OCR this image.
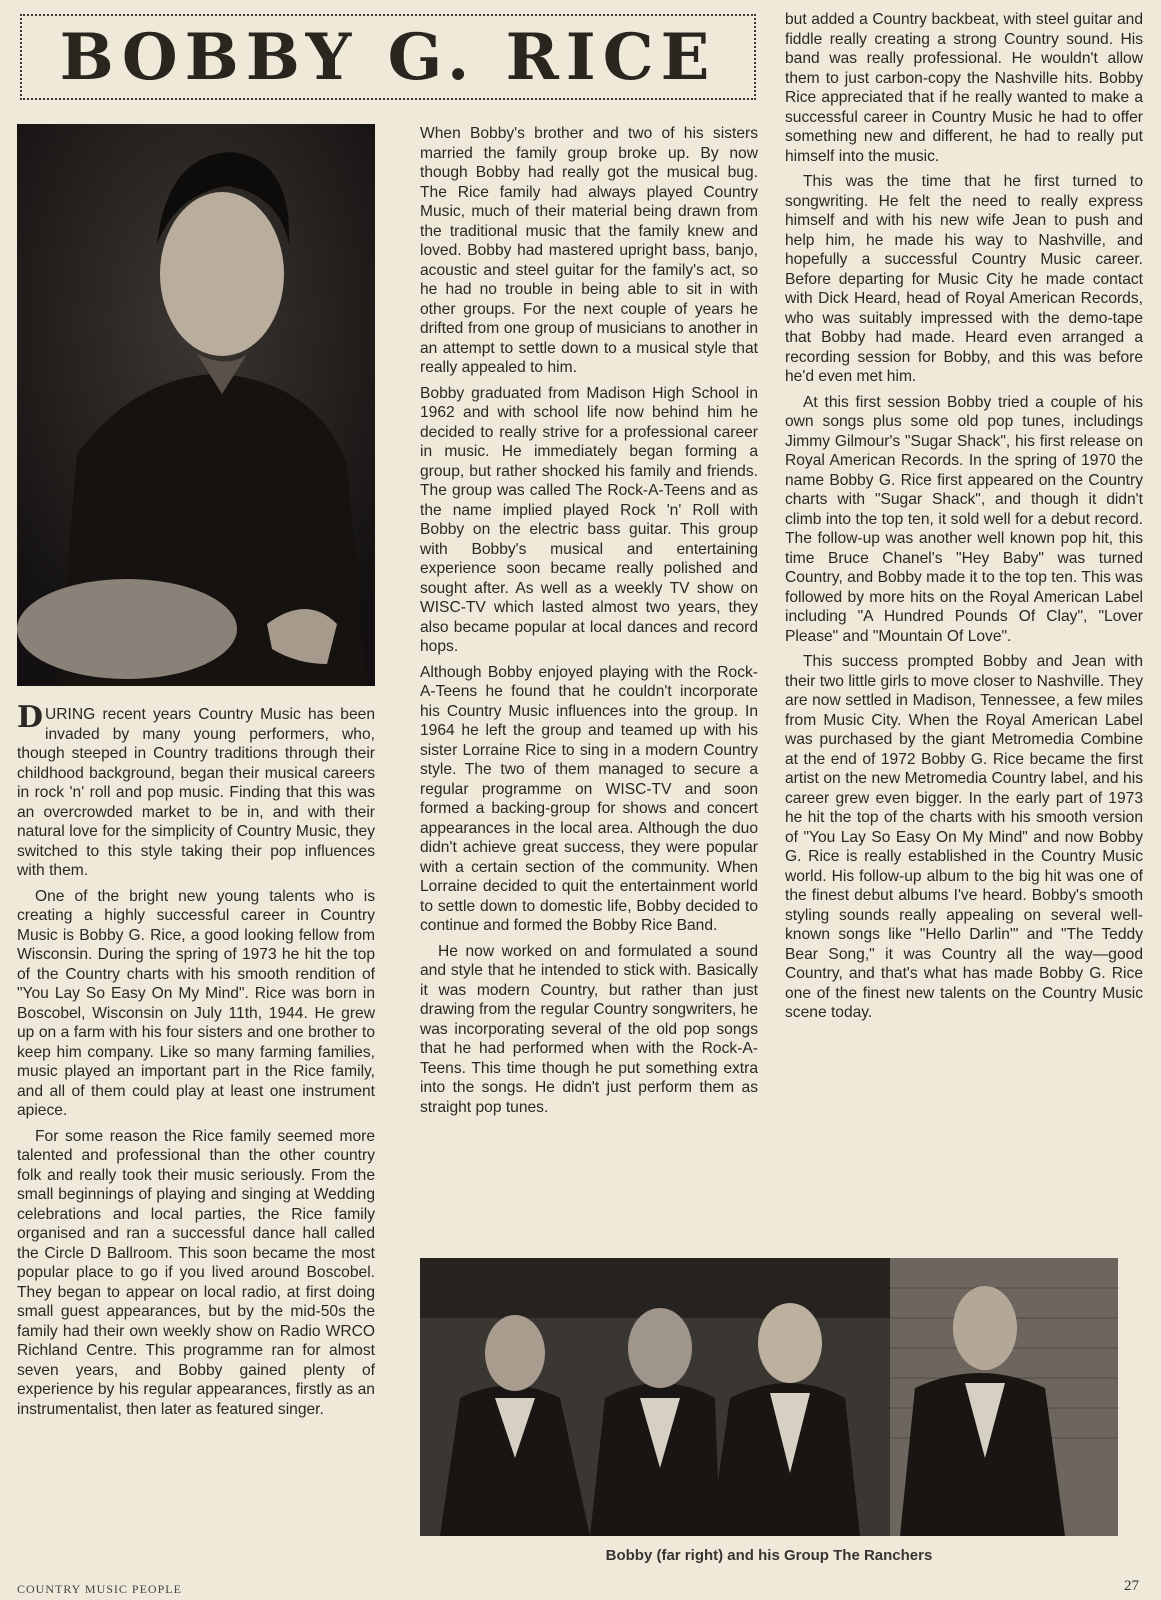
BOBBY G. RICE

When Bobby's brother and two of his sisters married the family group broke up. By now though Bobby had really got the musical bug. The Rice family had always played Country Music, much of their material being drawn from the traditional music that the family knew and loved. Bobby had mastered upright bass, banjo, acoustic and steel guitar for the family's act, so he had no trouble in being able to sit in with other groups. For the next couple of years he drifted from one group of musicians to another in an attempt to settle down to a musical style that really appealed to him.

Bobby graduated from Madison High School in 1962 and with school life now behind him he decided to really strive for a professional career in music. He immediately began forming a group, but rather shocked his family and friends. The group was called The Rock-A-Teens and as the name implied played Rock 'n' Roll with Bobby on the electric bass guitar. This group with Bobby's musical and entertaining experience soon became really polished and sought after. As well as a weekly TV show on WISC-TV which lasted almost two years, they also became popular at local dances and record hops.

Although Bobby enjoyed playing with the Rock-A-Teens he found that he couldn't incorporate his Country Music influences into the group. In 1964 he left the group and teamed up with his sister Lorraine Rice to sing in a modern Country style. The two of them managed to secure a regular programme on WISC-TV and soon formed a backing-group for shows and concert appearances in the local area. Although the duo didn't achieve great success, they were popular with a certain section of the community. When Lorraine decided to quit the entertainment world to settle down to domestic life, Bobby decided to continue and formed the Bobby Rice Band.

He now worked on and formulated a sound and style that he intended to stick with. Basically it was modern Country, but rather than just drawing from the regular Country songwriters, he was incorporating several of the old pop songs that he had performed when with the Rock-A-Teens. This time though he put something extra into the songs. He didn't just perform them as straight pop tunes.

but added a Country backbeat, with steel guitar and fiddle really creating a strong Country sound. His band was really professional. He wouldn't allow them to just carbon-copy the Nashville hits. Bobby Rice appreciated that if he really wanted to make a successful career in Country Music he had to offer something new and different, he had to really put himself into the music.

This was the time that he first turned to songwriting. He felt the need to really express himself and with his new wife Jean to push and help him, he made his way to Nashville, and hopefully a successful Country Music career. Before departing for Music City he made contact with Dick Heard, head of Royal American Records, who was suitably impressed with the demo-tape that Bobby had made. Heard even arranged a recording session for Bobby, and this was before he'd even met him.

At this first session Bobby tried a couple of his own songs plus some old pop tunes, includings Jimmy Gilmour's "Sugar Shack", his first release on Royal American Records. In the spring of 1970 the name Bobby G. Rice first appeared on the Country charts with "Sugar Shack", and though it didn't climb into the top ten, it sold well for a debut record. The follow-up was another well known pop hit, this time Bruce Chanel's "Hey Baby" was turned Country, and Bobby made it to the top ten. This was followed by more hits on the Royal American Label including "A Hundred Pounds Of Clay", "Lover Please" and "Mountain Of Love".

This success prompted Bobby and Jean with their two little girls to move closer to Nashville. They are now settled in Madison, Tennessee, a few miles from Music City. When the Royal American Label was purchased by the giant Metromedia Combine at the end of 1972 Bobby G. Rice became the first artist on the new Metromedia Country label, and his career grew even bigger. In the early part of 1973 he hit the top of the charts with his smooth version of "You Lay So Easy On My Mind" and now Bobby G. Rice is really established in the Country Music world. His follow-up album to the big hit was one of the finest debut albums I've heard. Bobby's smooth styling sounds really appealing on several well-known songs like "Hello Darlin'" and "The Teddy Bear Song," it was Country all the way—good Country, and that's what has made Bobby G. Rice one of the finest new talents on the Country Music scene today.

DURING recent years Country Music has been invaded by many young performers, who, though steeped in Country traditions through their childhood background, began their musical careers in rock 'n' roll and pop music. Finding that this was an overcrowded market to be in, and with their natural love for the simplicity of Country Music, they switched to this style taking their pop influences with them.

One of the bright new young talents who is creating a highly successful career in Country Music is Bobby G. Rice, a good looking fellow from Wisconsin. During the spring of 1973 he hit the top of the Country charts with his smooth rendition of "You Lay So Easy On My Mind". Rice was born in Boscobel, Wisconsin on July 11th, 1944. He grew up on a farm with his four sisters and one brother to keep him company. Like so many farming families, music played an important part in the Rice family, and all of them could play at least one instrument apiece.

For some reason the Rice family seemed more talented and professional than the other country folk and really took their music seriously. From the small beginnings of playing and singing at Wedding celebrations and local parties, the Rice family organised and ran a successful dance hall called the Circle D Ballroom. This soon became the most popular place to go if you lived around Boscobel. They began to appear on local radio, at first doing small guest appearances, but by the mid-50s the family had their own weekly show on Radio WRCO Richland Centre. This programme ran for almost seven years, and Bobby gained plenty of experience by his regular appearances, firstly as an instrumentalist, then later as featured singer.

Bobby (far right) and his Group The Ranchers
COUNTRY MUSIC PEOPLE	27
